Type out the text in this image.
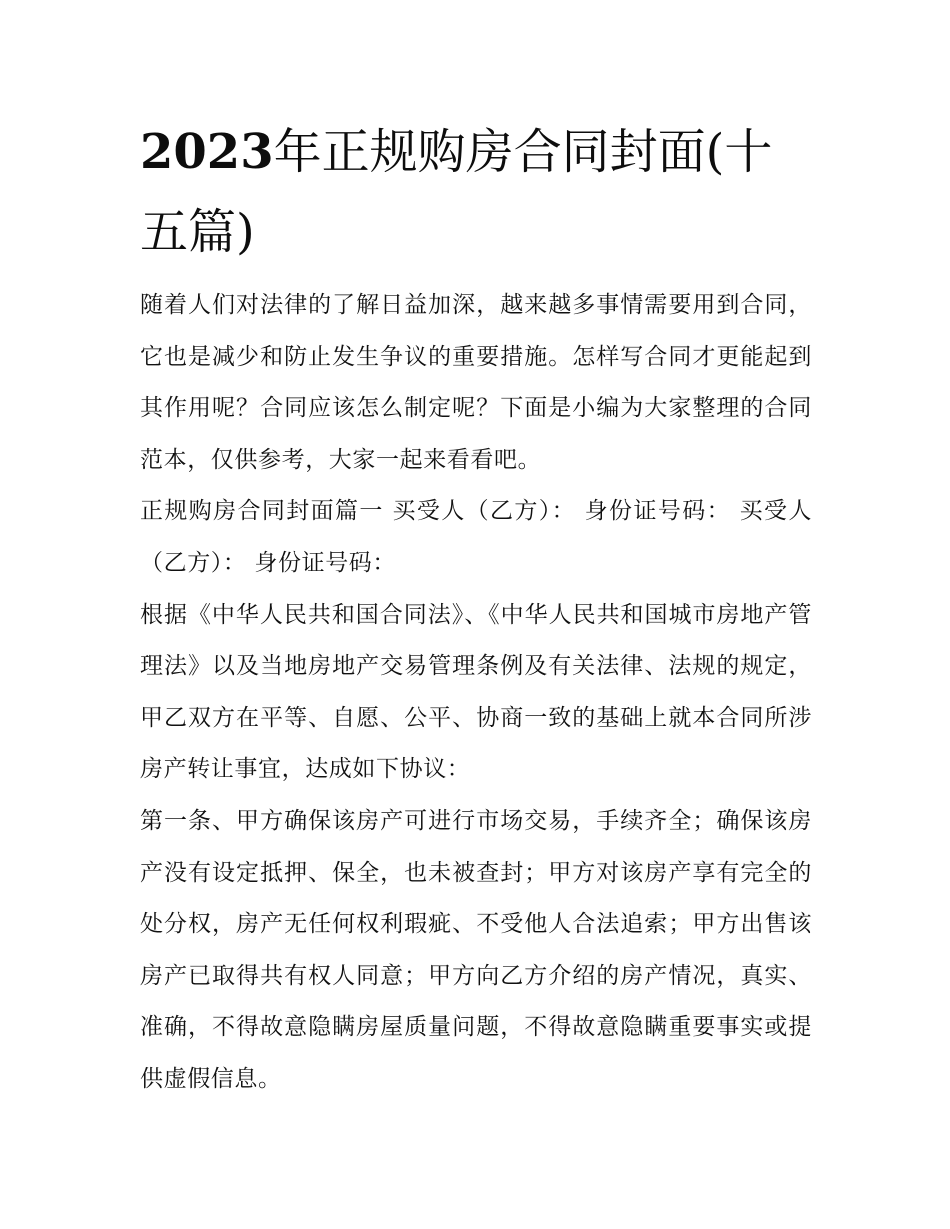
2023年正规购房合同封面(十五篇)

随着人们对法律的了解日益加深，越来越多事情需要用到合同，它也是减少和防止发生争议的重要措施。怎样写合同才更能起到其作用呢？合同应该怎么制定呢？下面是小编为大家整理的合同范本，仅供参考，大家一起来看看吧。

正规购房合同封面篇一 买受人（乙方）： 身份证号码： 买受人（乙方）： 身份证号码：

根据《中华人民共和国合同法》、《中华人民共和国城市房地产管理法》以及当地房地产交易管理条例及有关法律、法规的规定，甲乙双方在平等、自愿、公平、协商一致的基础上就本合同所涉房产转让事宜，达成如下协议：

第一条、甲方确保该房产可进行市场交易，手续齐全；确保该房产没有设定抵押、保全，也未被查封；甲方对该房产享有完全的处分权，房产无任何权利瑕疵、不受他人合法追索；甲方出售该房产已取得共有权人同意；甲方向乙方介绍的房产情况，真实、准确，不得故意隐瞒房屋质量问题，不得故意隐瞒重要事实或提供虚假信息。
